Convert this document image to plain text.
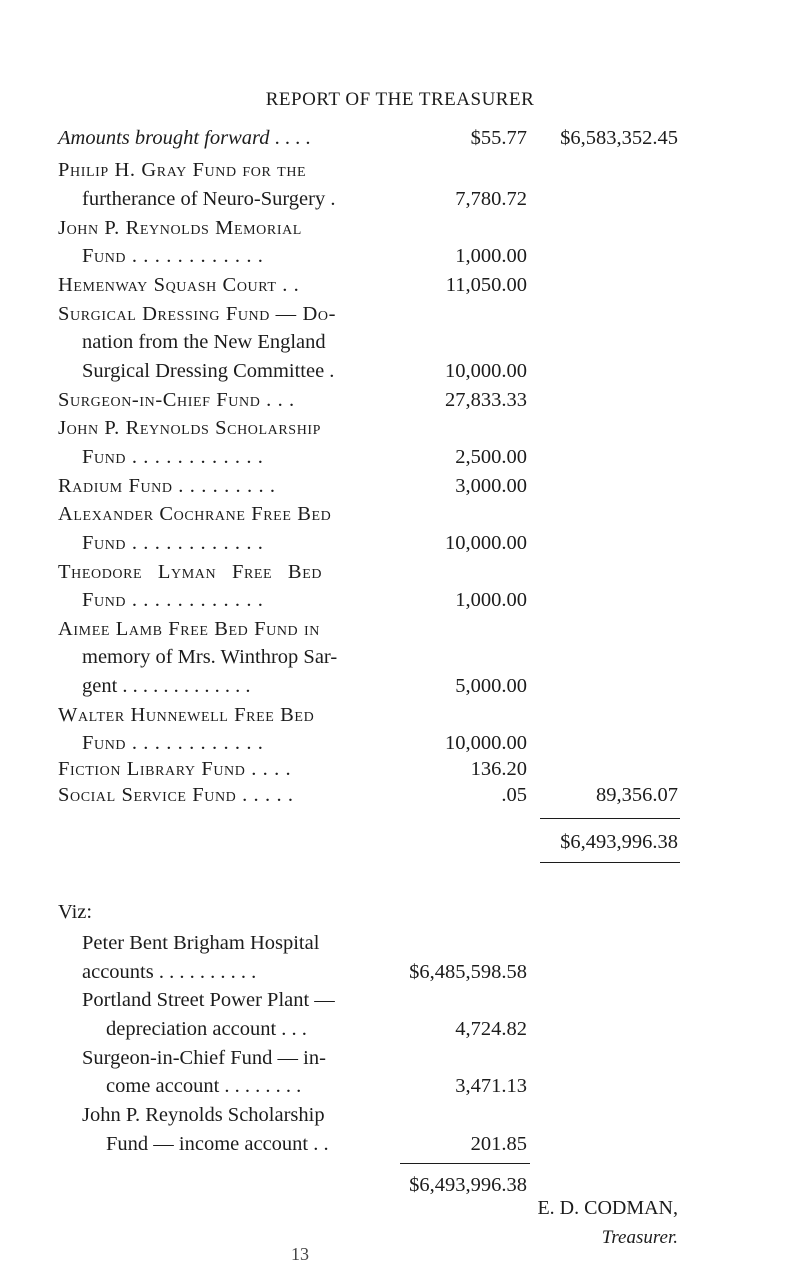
REPORT OF THE TREASURER
Amounts brought forward . . . .	$55.77 $6,583,352.45
Philip H. Gray Fund for the
furtherance of Neuro-Surgery .	7,780.72
John P. Reynolds Memorial
Fund . . . . . . . . . . . .	1,000.00
Hemenway Squash Court . .	11,050.00
Surgical Dressing Fund — Do-
nation from the New England
Surgical Dressing Committee .	10,000.00
Surgeon-in-Chief Fund . . .	27,833.33
John P. Reynolds Scholarship
Fund . . . . . . . . . . . .	2,500.00
Radium Fund . . . . . . . . .	3,000.00
Alexander Cochrane Free Bed
Fund . . . . . . . . . . . .	10,000.00
Theodore Lyman Free Bed
Fund . . . . . . . . . . . .	1,000.00
Aimee Lamb Free Bed Fund in
memory of Mrs. Winthrop Sar-
gent . . . . . . . . . . . . .	5,000.00
Walter Hunnewell Free Bed
Fund . . . . . . . . . . . .	10,000.00
Fiction Library Fund . . . .	136.20
Social Service Fund . . . . .	.05	89,356.07
$6,493,996.38
Viz:
Peter Bent Brigham Hospital
accounts . . . . . . . . . .	$6,485,598.58
Portland Street Power Plant —
depreciation account . . .	4,724.82
Surgeon-in-Chief Fund — in-
come account . . . . . . . .	3,471.13
John P. Reynolds Scholarship
Fund — income account . .	201.85
$6,493,996.38
E. D. CODMAN,
13
Treasurer.
